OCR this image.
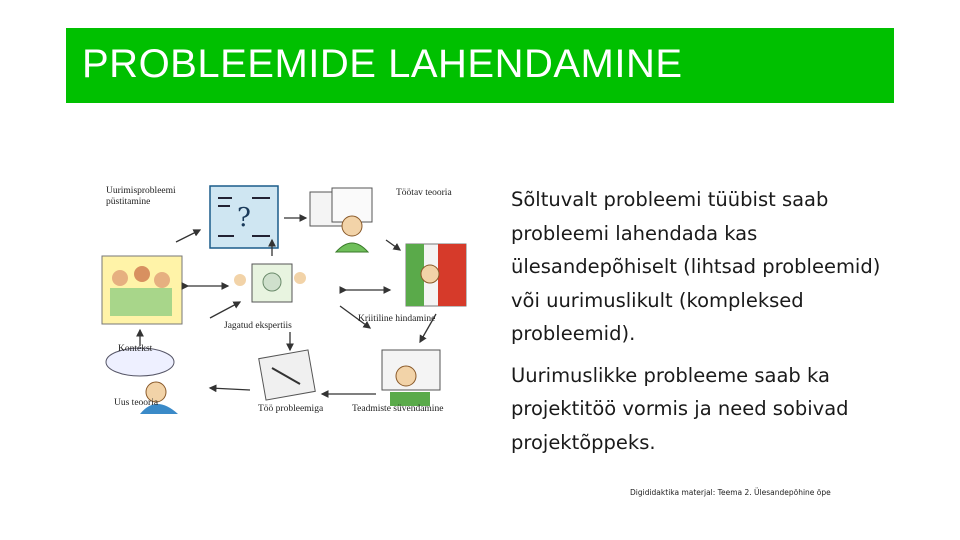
PROBLEEMIDE LAHENDAMINE
?
Uurimisprobleemi
püstitamine
Töötav teooria
Jagatud ekspertiis
Kriitiline hindamine
Kontekst
Uus teooria
Töö probleemiga	Teadmiste süvendamine

Sõltuvalt probleemi tüübist saab probleemi lahendada kas ülesandepõhiselt (lihtsad probleemid) või uurimuslikult (kompleksed probleemid).

Uurimuslikke probleeme saab ka projektitöö vormis ja need sobivad projektõppeks.

Digididaktika materjal: Teema 2. Ülesandepõhine õpe
